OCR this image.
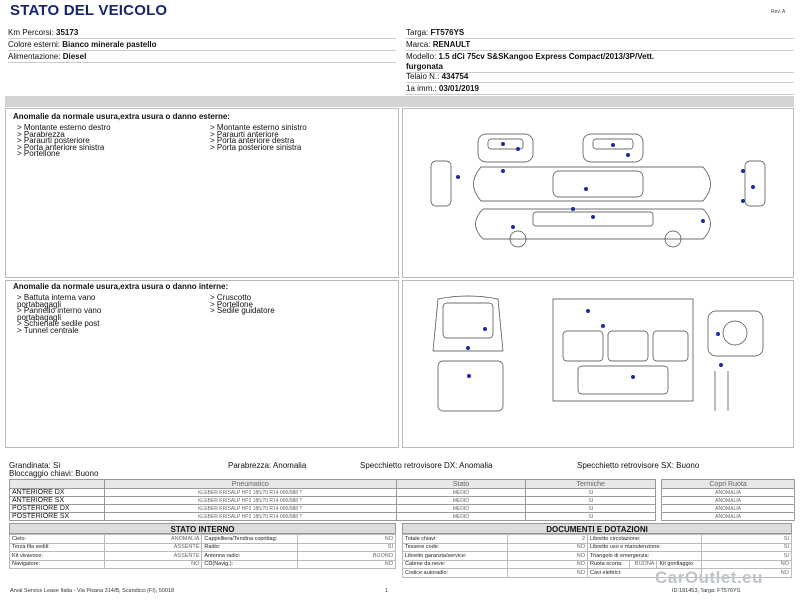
STATO DEL VEICOLO	Rev. A
Km Percorsi: 35173
Colore esterni: Bianco minerale pastello
Alimentazione: Diesel
Targa: FT576YS
Marca: RENAULT
Modello: 1.5 dCi 75cv S&SKangoo Express Compact/2013/3P/Vett.
furgonata
Telaio N.: 434754
1a imm.: 03/01/2019
Anomalie da normale usura,extra usura o danno esterne:
> Montante esterno destro
> Parabrezza
> Paraurti posteriore
> Porta anteriore sinistra
> Portellone
> Montante esterno sinistro
> Paraurti anteriore
> Porta anteriore destra
> Porta posteriore sinistra
Anomalie da normale usura,extra usura o danno interne:
> Battuta interna vano
portabagagli
> Pannello interno vano
portabagagli
> Schienale sedile post
> Tunnel centrale
> Cruscotto
> Portellone
> Sedile guidatore
Grandinata: Si	Parabrezza: Anomalia	Specchietto retrovisore DX: Anomalia	Specchietto retrovisore SX: Buono
Bloccaggio chiavi: Buono
	Pneumatico	Stato	Termiche		Copri Ruota
ANTERIORE DX	KLEBER KRISALP HP2 185/70 R14 000/088 T	MEDIO	SI		ANOMALIA
ANTERIORE SX	KLEBER KRISALP HP2 185/70 R14 000/088 T	MEDIO	SI		ANOMALIA
POSTERIORE DX	KLEBER KRISALP HP2 185/70 R14 000/088 T	MEDIO	SI		ANOMALIA
POSTERIORE SX	KLEBER KRISALP HP2 185/70 R14 000/088 T	MEDIO	SI		ANOMALIA
STATO INTERNO
Cielo:	ANOMALIA	Cappelliera/Tendina copribag:	NO
Terza fila sedili:	ASSENTE	Radio:	SI
Kit vivavoce:	ASSENTE	Antenna radio:	BUONO
Navigatore:	NO	CD(Navig.):	NO
DOCUMENTI E DOTAZIONI
Totale chiavi:	2	Libretto circolazione:			SI
Tessere code:	NO	Libretto uso e manutenzione:			SI
Libretto garanzia/service:	NO	Triangolo di emergenza:			SI
Catene da neve:	NO	Ruota scorta:	BUONA	Kit gonfiaggio:	NO
Codice autoradio:	NO	Cavi elettrici:			NO
Arval Service Lease Italia - Via Pisana 314/B, Scandicci (FI), 50018	1	ID:181453, Targa: FT576YS
CarOutlet.eu
